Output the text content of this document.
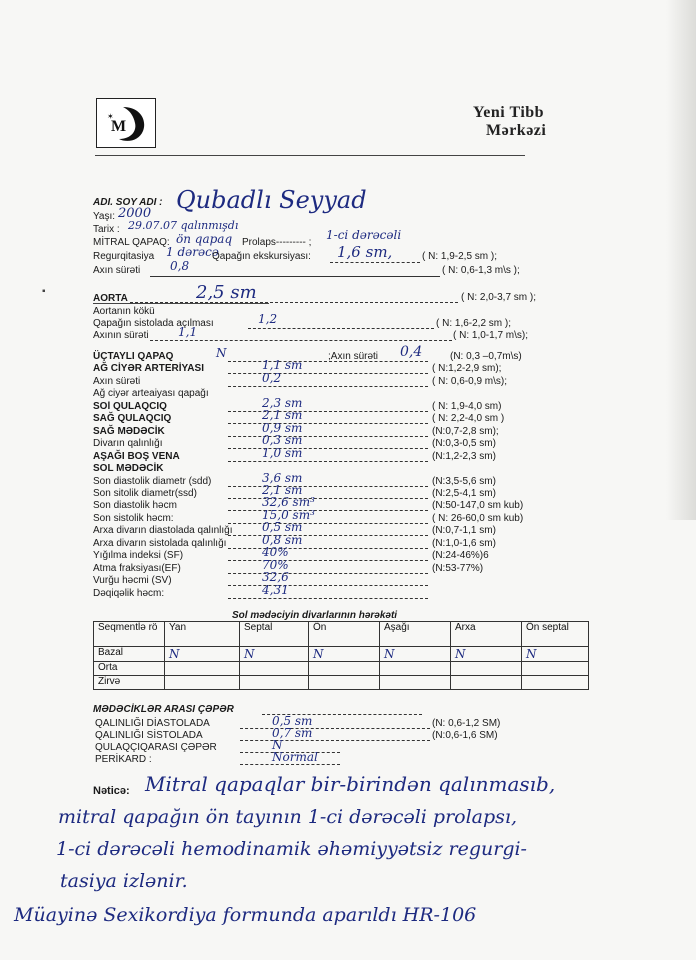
M
✶	Yeni Tibb
Mərkəzi
ADI. SOY ADI : Qubadlı Seyyad
Yaşı: 2000
Tarix : 29.07.07 qalınmışdı
MİTRAL QAPAQ: ön qapaq Prolaps--------- ;
1-ci dərəcəli
Regurqitasiya 1 dərəcə
Qapağın ekskursiyası: 1,6 sm,	( N: 1,9-2,5 sm );
Axın sürəti 0,8	( N: 0,6-1,3 m\s );
▪
AORTA	2,5 sm	( N: 2,0-3,7 sm );
Aortanın kökü
Qapağın sistolada açılması	1,2	( N: 1,6-2,2 sm );
Axının sürəti 1,1	( N: 1,0-1,7 m\s);
ÜÇTAYLI QAPAQ	N	;Axın sürəti 0,4	(N: 0,3 –0,7m\s)
AĞ CİYƏR ARTERİYASI	1,1 sm	( N:1,2-2,9 sm);
Axın sürəti	0,2	( N: 0,6-0,9 m\s);
Ağ ciyər arteaiyası qapağı
SOl QULAQCIQ	2,3 sm	( N: 1,9-4,0 sm)
SAĞ QULAQCIQ	2,1 sm	( N: 2,2-4,0 sm )
SAĞ MƏDƏCİK	0,9 sm	(N:0,7-2,8 sm);
Divarın qalınlığı	0,3 sm	(N:0,3-0,5 sm)
AŞAĞI BOŞ VENA	1,0 sm	(N:1,2-2,3 sm)
SOL MƏDƏCİK
Son diastolik diametr (sdd)	3,6 sm	(N:3,5-5,6 sm)
Son sitolik diametr(ssd)	2,1 sm	(N:2,5-4,1 sm)
Son diastolik həcm	32,6 sm³	(N:50-147,0 sm kub)
Son sistolik həcm:	15,0 sm³	( N: 26-60,0 sm kub)
Arxa divarın diastolada qalınlığı 0,5 sm	(N:0,7-1,1 sm)
Arxa divarın sistolada qalınlığı	0,8 sm	(N:1,0-1,6 sm)
Yığılma indeksi (SF)	40%	(N:24-46%)6
Atma fraksiyası(EF)	70%	(N:53-77%)
Vurğu həcmi (SV)	32,6
Dəqiqəlik həcm:	4,31
Sol mədəciyin divarlarının hərəkəti
Seqmentlə rö	Yan	Septal	Ön	Aşağı	Arxa	Ön septal
Bazal	N	N	N	N	N	N
Orta						
Zirvə						
MƏDƏCİKLƏR ARASI ÇƏPƏR
QALINLIĞI DİASTOLADA	0,5 sm	(N: 0,6-1,2 SM)
QALINLIĞI SİSTOLADA	0,7 sm	(N:0,6-1,6 SM)
QULAQÇIQARASI ÇƏPƏR	N
PERİKARD :	Normal
Nəticə: Mitral qapaqlar bir-birindən qalınmasıb,
mitral qapağın ön tayının 1-ci dərəcəli prolapsı,
1-ci dərəcəli hemodinamik əhəmiyyətsiz regurgi-
tasiya izlənir.
Müayinə Sexikordiya formunda aparıldı HR-106
